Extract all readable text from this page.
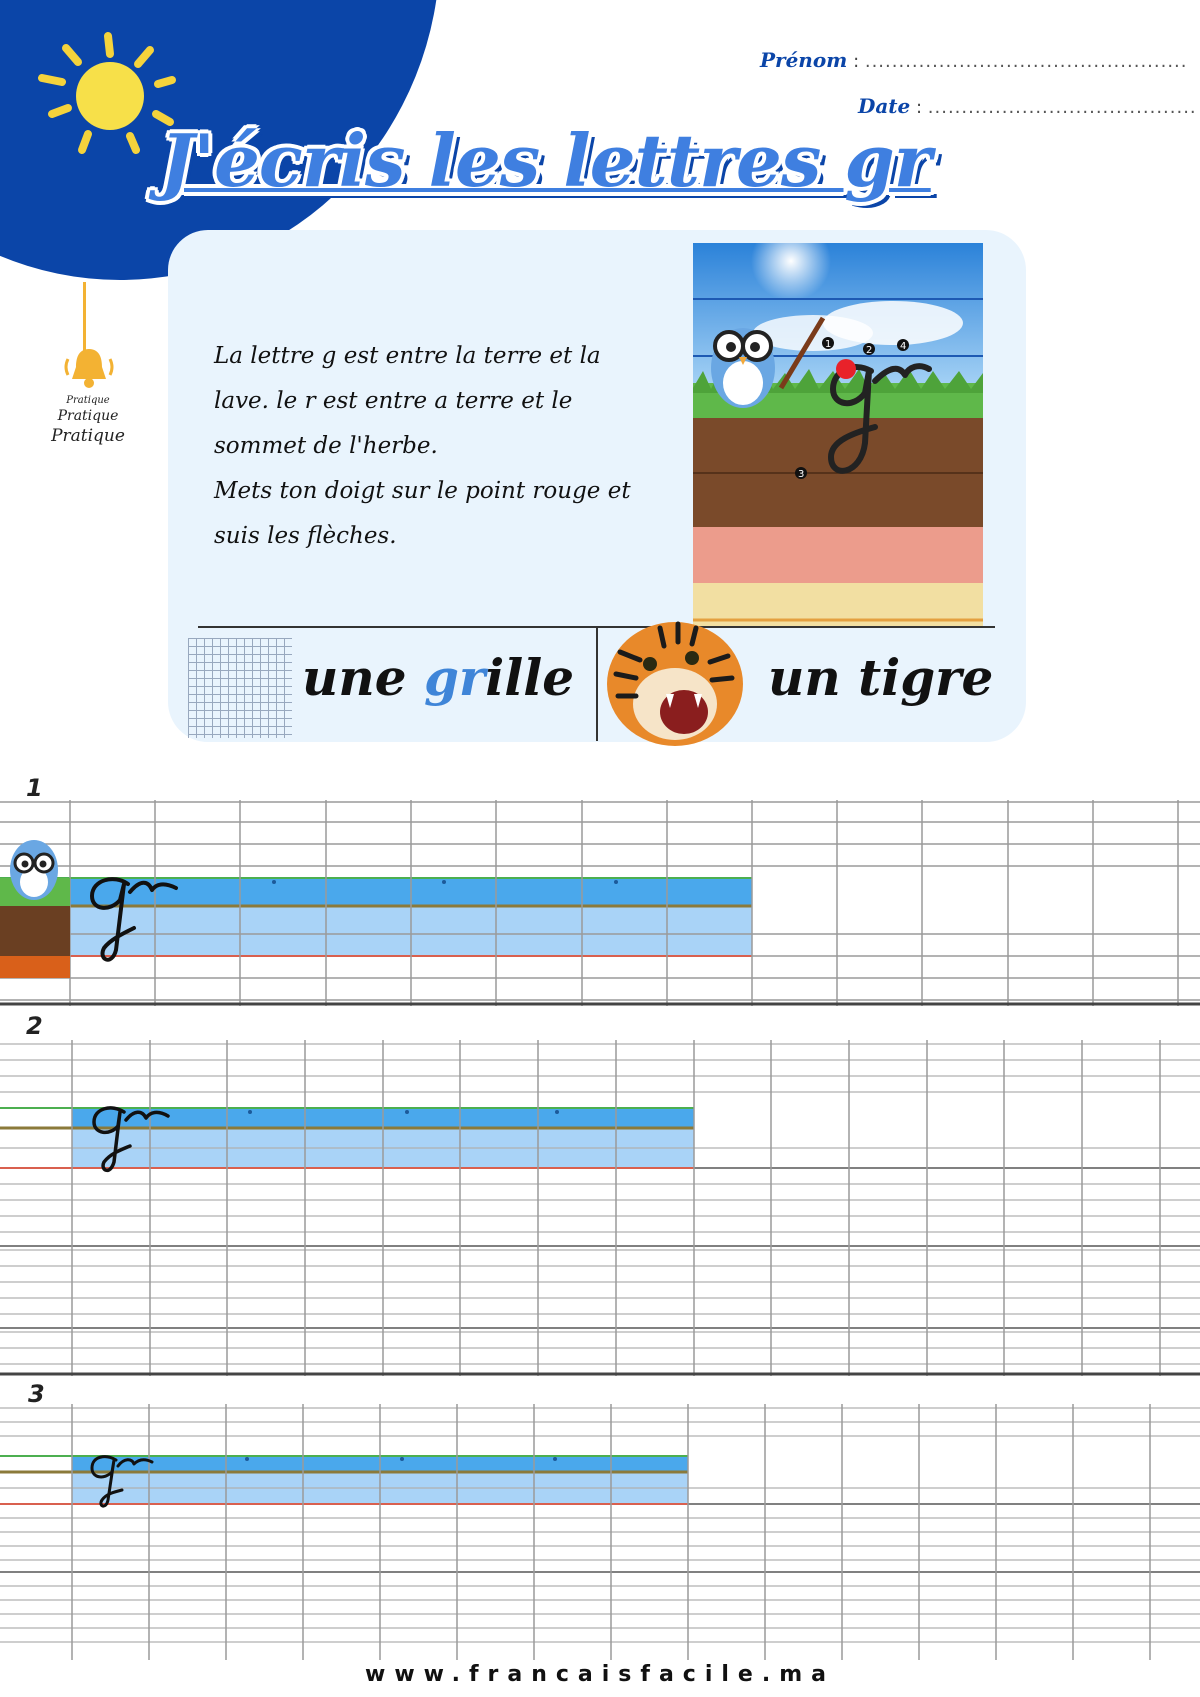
J'écris les lettres gr
Prénom : ................................................
Date : ........................................
Pratique
Pratique
Pratique

La lettre g est entre la terre et la

lave. le r est entre a terre et le

sommet de l'herbe.

Mets ton doigt sur le point rouge et

suis les flèches.

1
2
3
4
une grille	un tigre
1
2
3
www.francaisfacile.ma
